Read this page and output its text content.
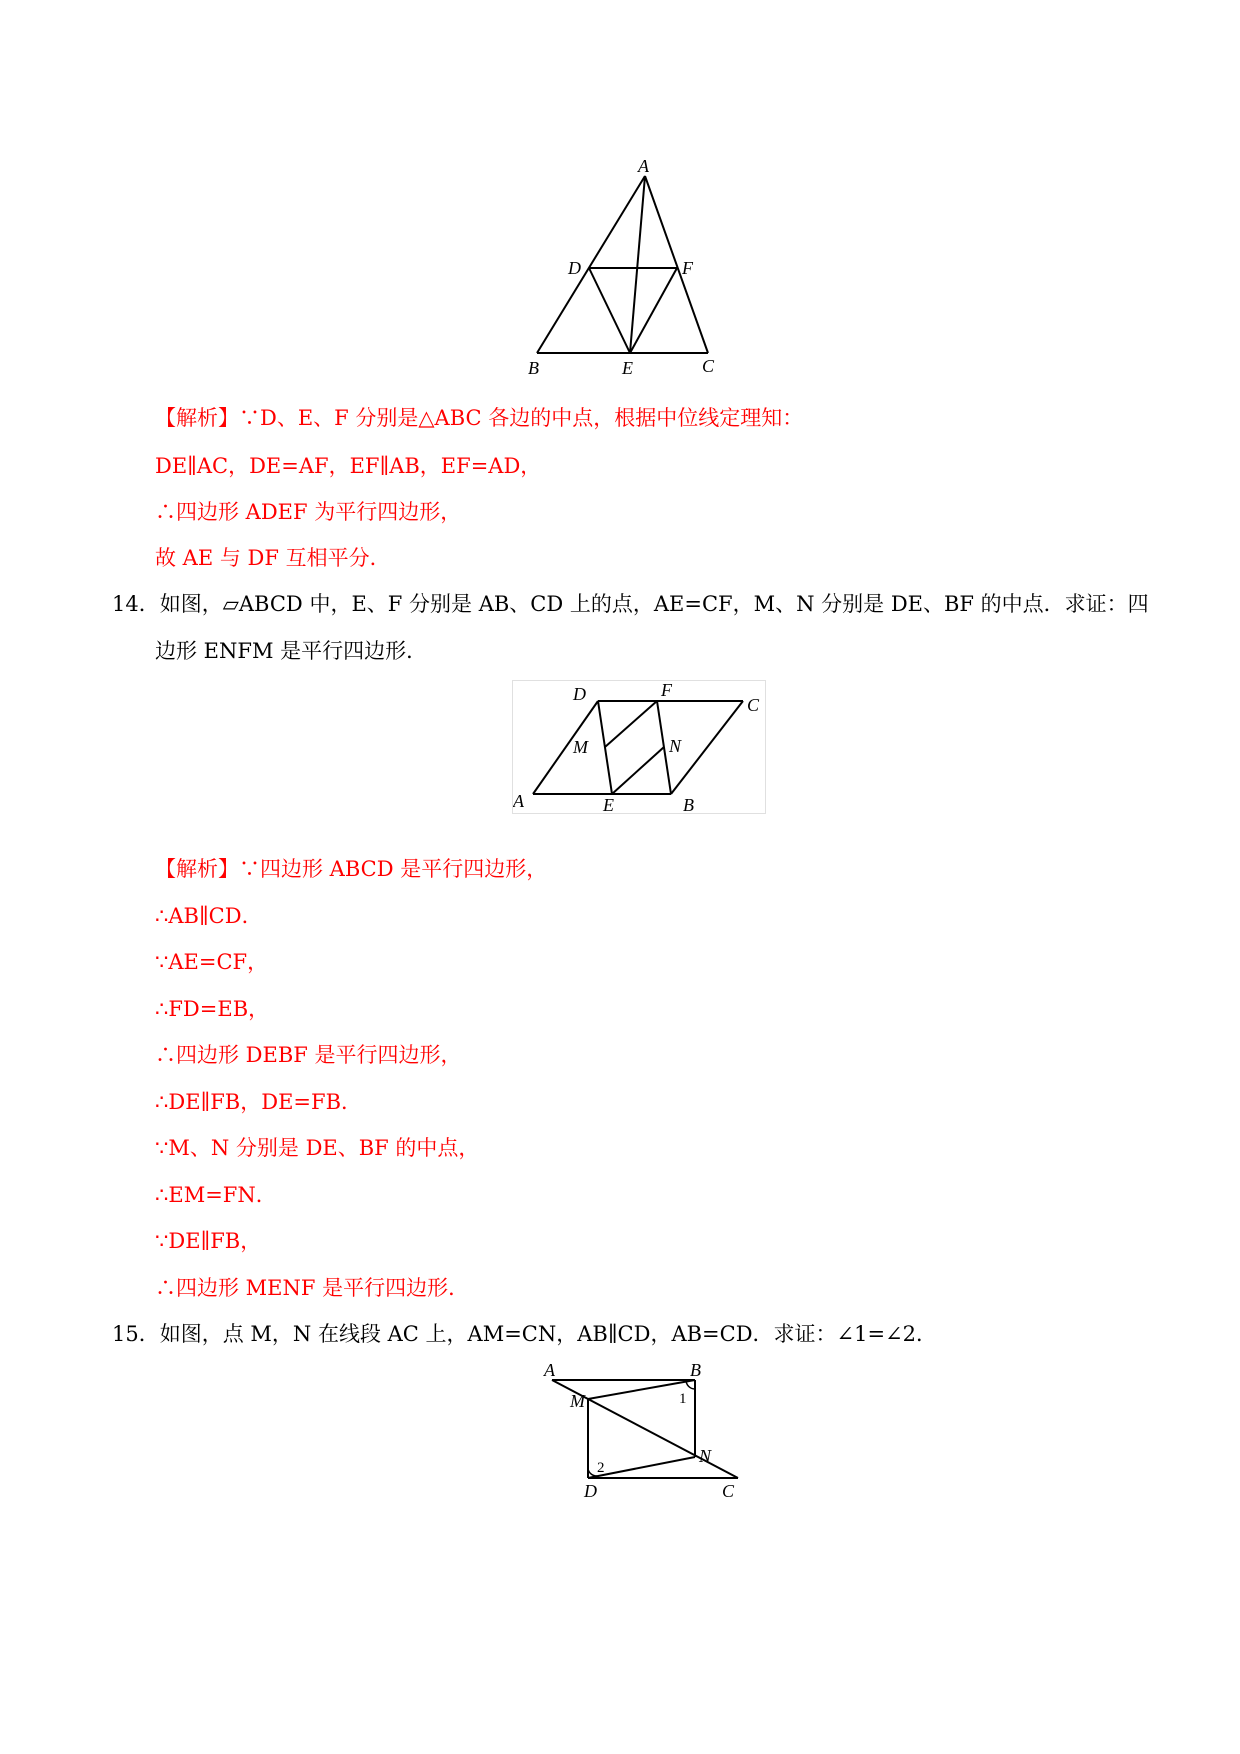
A
D	F
B	E	C
【解析】∵D、E、F 分别是△ABC 各边的中点，根据中位线定理知：
DE∥AC，DE=AF，EF∥AB，EF=AD，
∴四边形 ADEF 为平行四边形，
故 AE 与 DF 互相平分．
14．如图，▱ABCD 中，E、F 分别是 AB、CD 上的点，AE=CF，M、N 分别是 DE、BF 的中点．求证：四
边形 ENFM 是平行四边形．
D	F
C
M	N
A	E	B
【解析】∵四边形 ABCD 是平行四边形，
∴AB∥CD．
∵AE=CF，
∴FD=EB，
∴四边形 DEBF 是平行四边形，
∴DE∥FB，DE=FB．
∵M、N 分别是 DE、BF 的中点，
∴EM=FN．
∵DE∥FB，
∴四边形 MENF 是平行四边形．
15．如图，点 M，N 在线段 AC 上，AM=CN，AB∥CD，AB=CD．求证：∠1=∠2．
A	B
M
N
D	C
1
2
